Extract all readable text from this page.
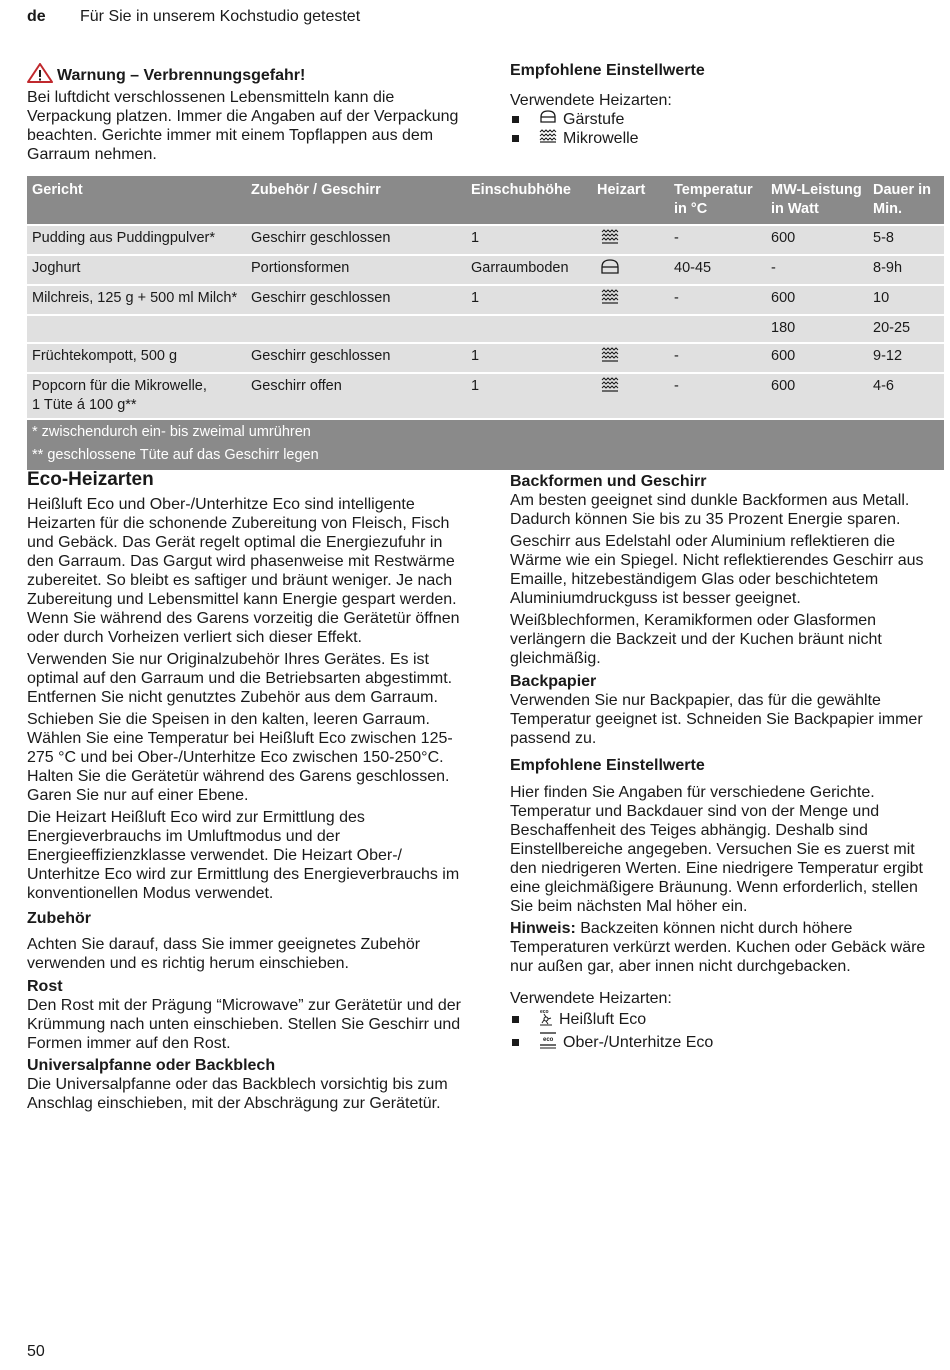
de Für Sie in unserem Kochstudio getestet
Warnung – Verbrennungsgefahr!

Bei luftdicht verschlossenen Lebensmitteln kann die Verpackung platzen. Immer die Angaben auf der Verpackung beachten. Gerichte immer mit einem Topflappen aus dem Garraum nehmen.

Empfohlene Einstellwerte
Verwendete Heizarten:
Gärstufe
Mikrowelle
Gericht	Zubehör / Geschirr	Einschubhöhe	Heizart	Temperatur in °C	MW-Leistung in Watt	Dauer in Min.

Pudding aus Puddingpulver*	Geschirr geschlossen	1		-	600	5-8

Joghurt	Portionsformen	Garraumboden		40-45	-	8-9h

Milchreis, 125 g + 500 ml Milch*	Geschirr geschlossen	1		-	600	10

					180	20-25

Früchtekompott, 500 g	Geschirr geschlossen	1		-	600	9-12

Popcorn für die Mikrowelle,
1 Tüte á 100 g**	Geschirr offen	1		-	600	4-6
* zwischendurch ein- bis zweimal umrühren
** geschlossene Tüte auf das Geschirr legen
Eco-Heizarten

Heißluft Eco und Ober-/Unterhitze Eco sind intelligente Heizarten für die schonende Zubereitung von Fleisch, Fisch und Gebäck. Das Gerät regelt optimal die Energiezufuhr in den Garraum. Das Gargut wird phasenweise mit Restwärme zubereitet. So bleibt es saftiger und bräunt weniger. Je nach Zubereitung und Lebensmittel kann Energie gespart werden. Wenn Sie während des Garens vorzeitig die Gerätetür öffnen oder durch Vorheizen verliert sich dieser Effekt.

Verwenden Sie nur Originalzubehör Ihres Gerätes. Es ist optimal auf den Garraum und die Betriebsarten abgestimmt. Entfernen Sie nicht genutztes Zubehör aus dem Garraum.

Schieben Sie die Speisen in den kalten, leeren Garraum. Wählen Sie eine Temperatur bei Heißluft Eco zwischen 125-275 °C und bei Ober-/Unterhitze Eco zwischen 150-250°C. Halten Sie die Gerätetür während des Garens geschlossen. Garen Sie nur auf einer Ebene.

Die Heizart Heißluft Eco wird zur Ermittlung des Energieverbrauchs im Umluftmodus und der Energieeffizienzklasse verwendet. Die Heizart Ober-/ Unterhitze Eco wird zur Ermittlung des Energieverbrauchs im konventionellen Modus verwendet.

Zubehör

Achten Sie darauf, dass Sie immer geeignetes Zubehör verwenden und es richtig herum einschieben.

Rost

Den Rost mit der Prägung “Microwave” zur Gerätetür und der Krümmung nach unten einschieben. Stellen Sie Geschirr und Formen immer auf den Rost.

Universalpfanne oder Backblech

Die Universalpfanne oder das Backblech vorsichtig bis zum Anschlag einschieben, mit der Abschrägung zur Gerätetür.

Backformen und Geschirr

Am besten geeignet sind dunkle Backformen aus Metall. Dadurch können Sie bis zu 35 Prozent Energie sparen.

Geschirr aus Edelstahl oder Aluminium reflektieren die Wärme wie ein Spiegel. Nicht reflektierendes Geschirr aus Emaille, hitzebeständigem Glas oder beschichtetem Aluminiumdruckguss ist besser geeignet.

Weißblechformen, Keramikformen oder Glasformen verlängern die Backzeit und der Kuchen bräunt nicht gleichmäßig.

Backpapier

Verwenden Sie nur Backpapier, das für die gewählte Temperatur geeignet ist. Schneiden Sie Backpapier immer passend zu.

Empfohlene Einstellwerte

Hier finden Sie Angaben für verschiedene Gerichte. Temperatur und Backdauer sind von der Menge und Beschaffenheit des Teiges abhängig. Deshalb sind Einstellbereiche angegeben. Versuchen Sie es zuerst mit den niedrigeren Werten. Eine niedrigere Temperatur ergibt eine gleichmäßigere Bräunung. Wenn erforderlich, stellen Sie beim nächsten Mal höher ein.

Hinweis: Backzeiten können nicht durch höhere Temperaturen verkürzt werden. Kuchen oder Gebäck wäre nur außen gar, aber innen nicht durchgebacken.

Verwendete Heizarten:
eco Heißluft Eco
eco Ober-/Unterhitze Eco
50
